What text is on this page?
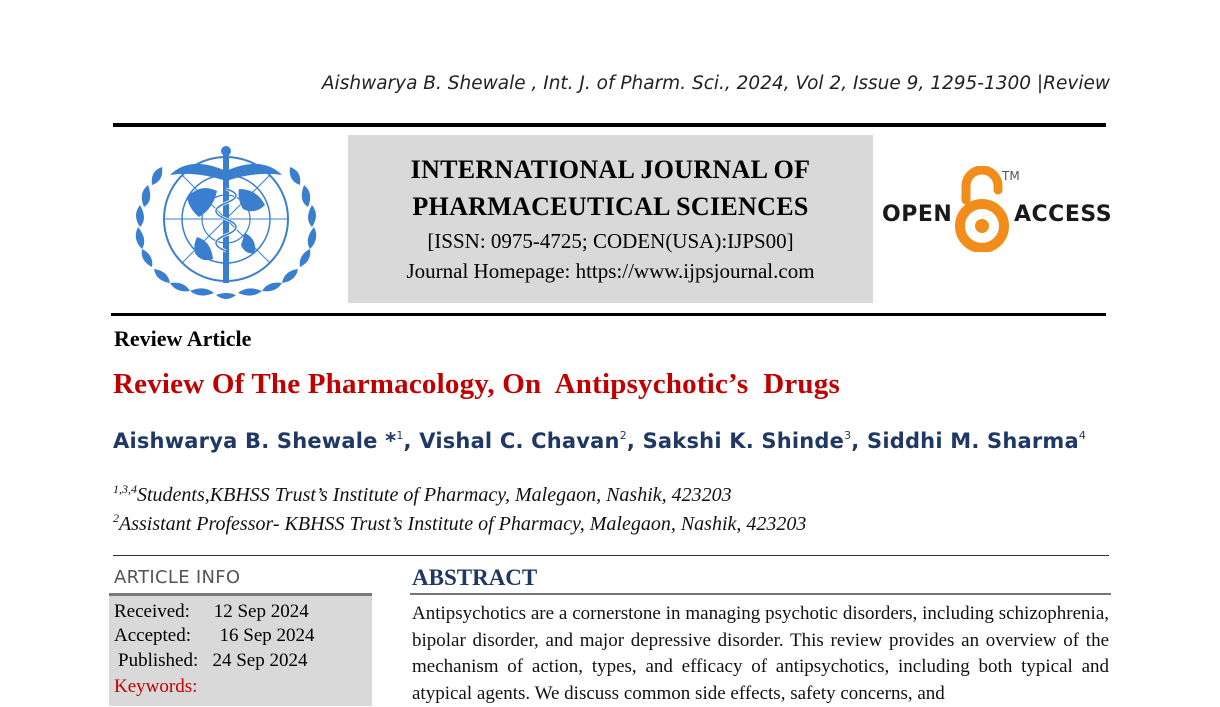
Aishwarya B. Shewale , Int. J. of Pharm. Sci., 2024, Vol 2, Issue 9, 1295-1300 |Review
INTERNATIONAL JOURNAL OF
PHARMACEUTICAL SCIENCES
[ISSN: 0975-4725; CODEN(USA):IJPS00]
Journal Homepage: https://www.ijpsjournal.com
OPEN
TM
ACCESS
Review Article
Review Of The Pharmacology, On  Antipsychotic’s  Drugs
Aishwarya B. Shewale *$^1$, Vishal C. Chavan$^2$, Sakshi K. Shinde$^3$, Siddhi M. Sharma$^4$
$^{1,3,4}$Students,KBHSS Trust’s Institute of Pharmacy, Malegaon, Nashik, 423203
$^2$Assistant Professor- KBHSS Trust’s Institute of Pharmacy, Malegaon, Nashik, 423203
ARTICLE INFO
Received: 12 Sep 2024
Accepted: 16 Sep 2024
Published: 24 Sep 2024
Keywords:
ABSTRACT
Antipsychotics are a cornerstone in managing psychotic disorders, including schizophrenia, bipolar disorder, and major depressive disorder. This review provides an overview of the mechanism of action, types, and efficacy of antipsychotics, including both typical and atypical agents. We discuss common side effects, safety concerns, and
